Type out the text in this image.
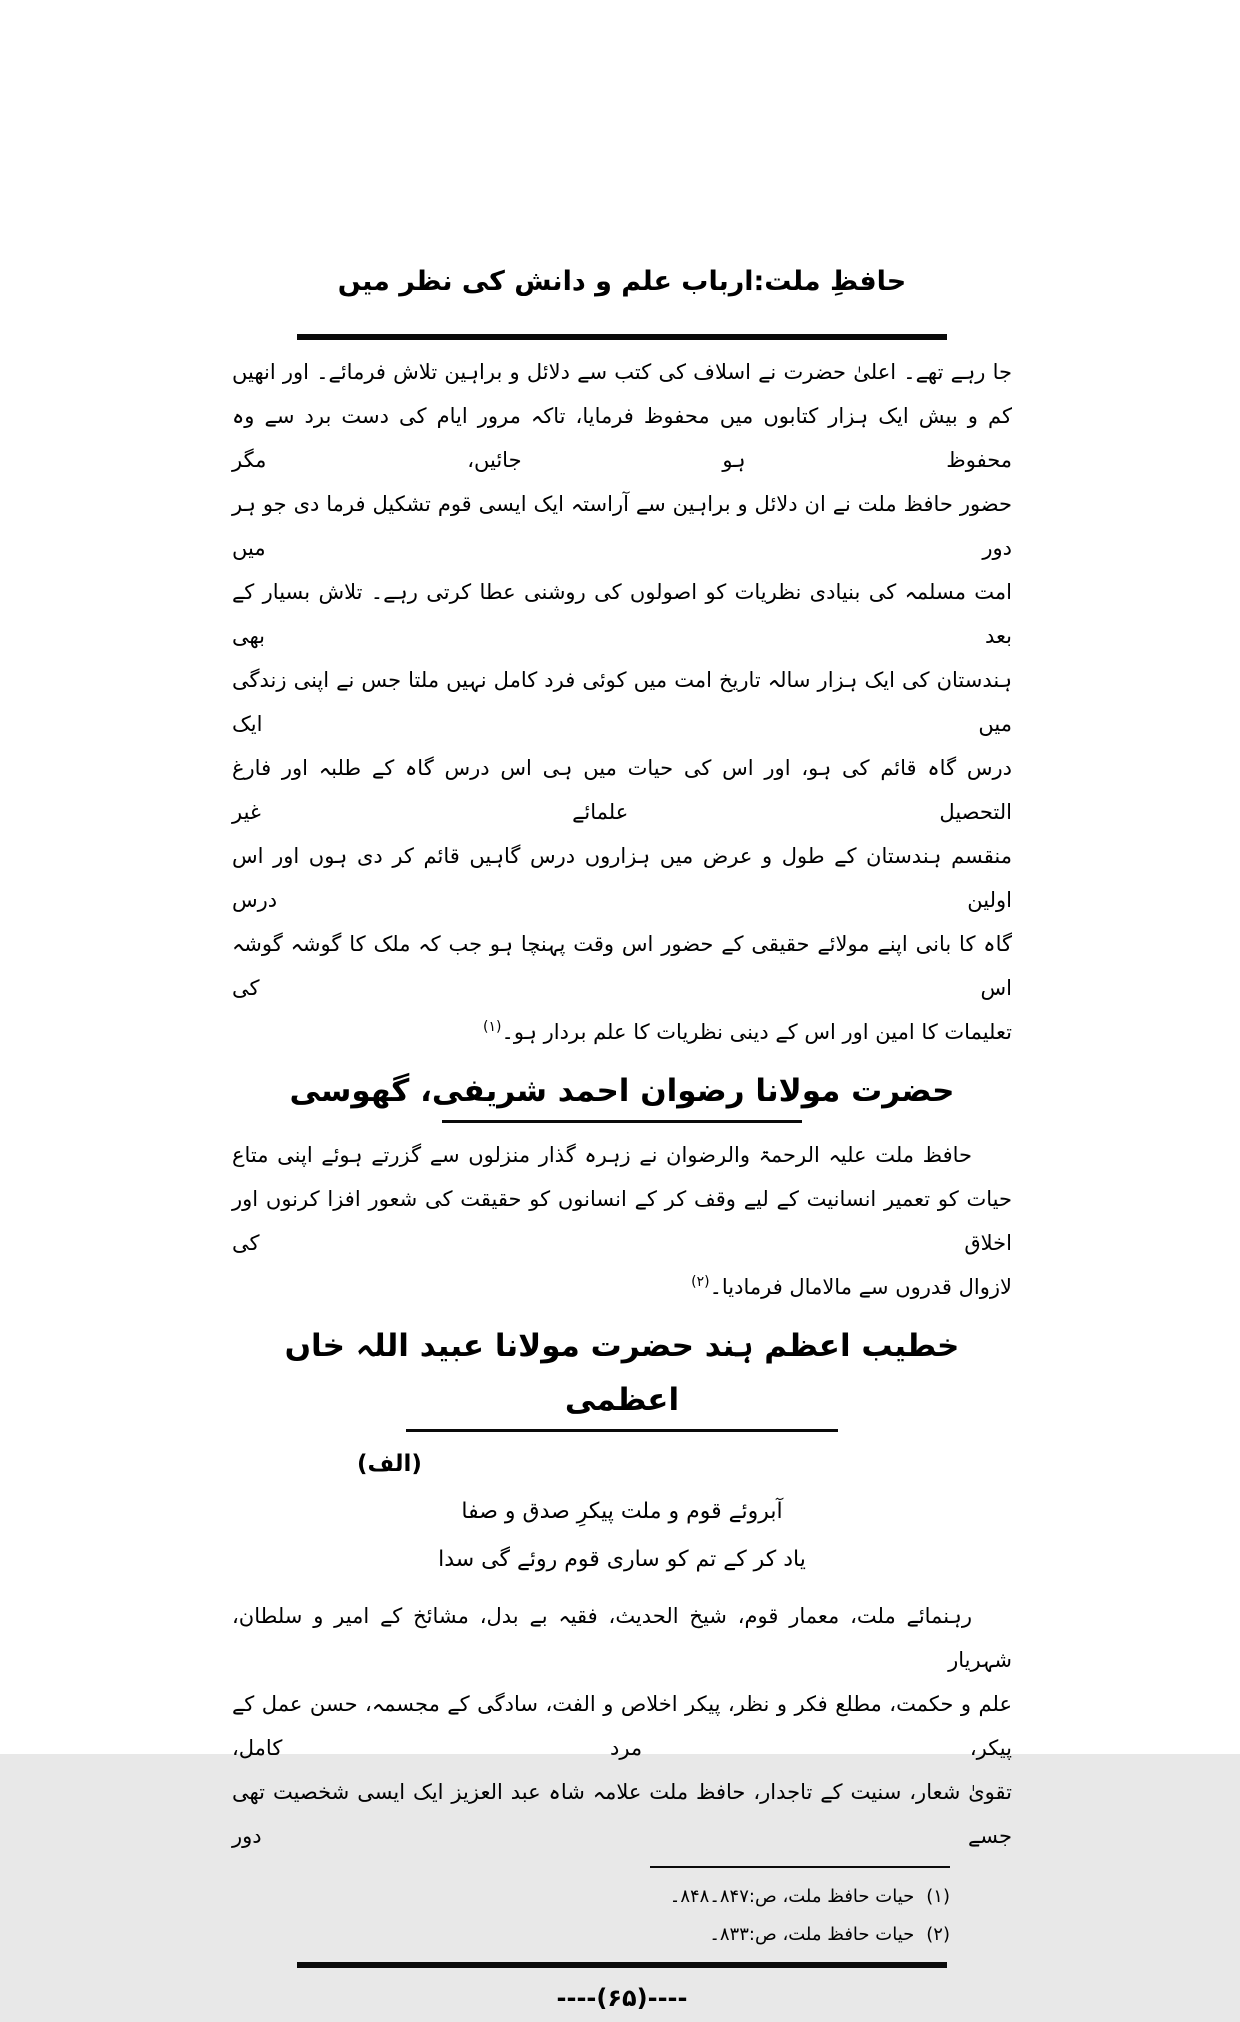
حافظِ ملت:ارباب علم و دانش کی نظر میں
جا رہے تھے۔ اعلیٰ حضرت نے اسلاف کی کتب سے دلائل و براہین تلاش فرمائے۔ اور انھیں
کم و بیش ایک ہزار کتابوں میں محفوظ فرمایا، تاکہ مرور ایام کی دست برد سے وہ محفوظ ہو جائیں، مگر
حضور حافظ ملت نے ان دلائل و براہین سے آراستہ ایک ایسی قوم تشکیل فرما دی جو ہر دور میں
امت مسلمہ کی بنیادی نظریات کو اصولوں کی روشنی عطا کرتی رہے۔ تلاش بسیار کے بعد بھی
ہندستان کی ایک ہزار سالہ تاریخ امت میں کوئی فرد کامل نہیں ملتا جس نے اپنی زندگی میں ایک
درس گاہ قائم کی ہو، اور اس کی حیات میں ہی اس درس گاہ کے طلبہ اور فارغ التحصیل علمائے غیر
منقسم ہندستان کے طول و عرض میں ہزاروں درس گاہیں قائم کر دی ہوں اور اس اولین درس
گاہ کا بانی اپنے مولائے حقیقی کے حضور اس وقت پہنچا ہو جب کہ ملک کا گوشہ گوشہ اس کی
تعلیمات کا امین اور اس کے دینی نظریات کا علم بردار ہو۔$^{(۱)}$
حضرت مولانا رضوان احمد شریفی، گھوسی
حافظ ملت علیہ الرحمۃ والرضوان نے زہرہ گذار منزلوں سے گزرتے ہوئے اپنی متاع
حیات کو تعمیر انسانیت کے لیے وقف کر کے انسانوں کو حقیقت کی شعور افزا کرنوں اور اخلاق کی
لازوال قدروں سے مالامال فرمادیا۔$^{(۲)}$
خطیب اعظم ہند حضرت مولانا عبید اللہ خاں اعظمی
(الف)
آبروئے قوم و ملت پیکرِ صدق و صفا
یاد کر کے تم کو ساری قوم روئے گی سدا
رہنمائے ملت، معمار قوم، شیخ الحدیث، فقیہ بے بدل، مشائخ کے امیر و سلطان، شہریار
علم و حکمت، مطلع فکر و نظر، پیکر اخلاص و الفت، سادگی کے مجسمہ، حسن عمل کے پیکر، مرد کامل،
تقویٰ شعار، سنیت کے تاجدار، حافظ ملت علامہ شاہ عبد العزیز ایک ایسی شخصیت تھی جسے دور
(۱)حیات حافظ ملت، ص:۸۴۷۔۸۴۸۔
(۲)حیات حافظ ملت، ص:۸۳۳۔
----(۶۵)----
